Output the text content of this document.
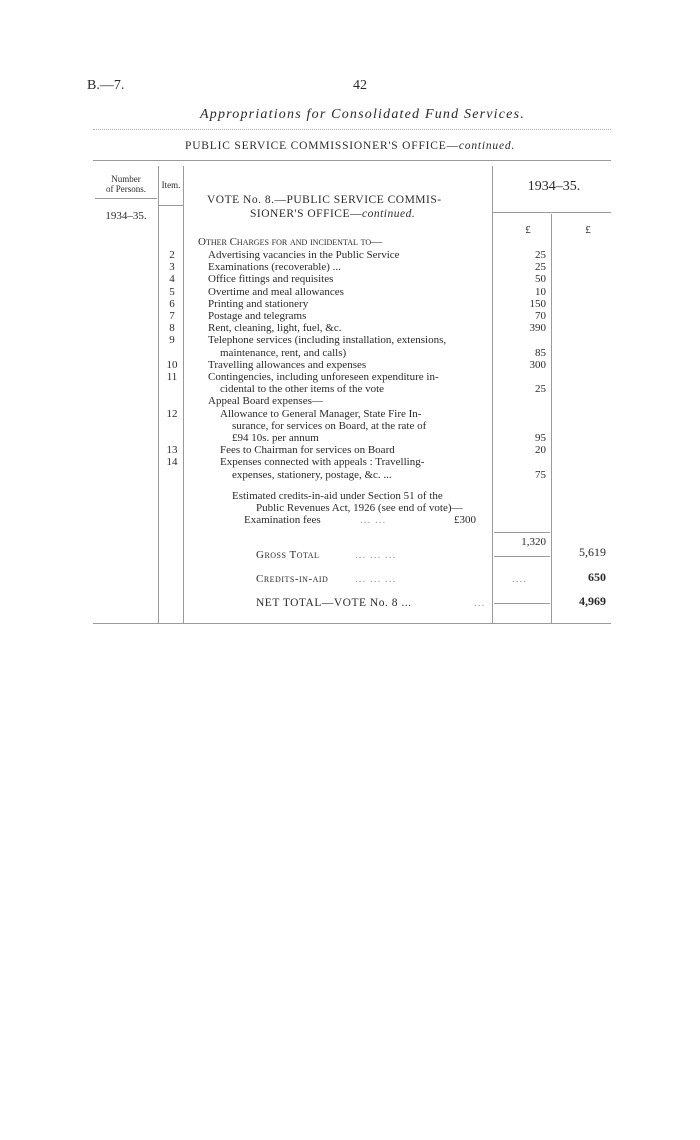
B.—7.	42
Appropriations for Consolidated Fund Services.
PUBLIC SERVICE COMMISSIONER'S OFFICE—continued.
Number
of Persons.	Item.	1934–35.
1934–35.
VOTE No. 8.—PUBLIC SERVICE COMMIS-
SIONER'S OFFICE—continued.
£	£
Other Charges for and incidental to—
2	Advertising vacancies in the Public Service	25
3	Examinations (recoverable) ...	25
4	Office fittings and requisites	50
5	Overtime and meal allowances	10
6	Printing and stationery	150
7	Postage and telegrams	70
8	Rent, cleaning, light, fuel, &c.	390
9	Telephone services (including installation, extensions,
maintenance, rent, and calls)	85
10	Travelling allowances and expenses	300
11	Contingencies, including unforeseen expenditure in-
cidental to the other items of the vote	25
Appeal Board expenses—
12	Allowance to General Manager, State Fire In-
surance, for services on Board, at the rate of
£94 10s. per annum	95
13	Fees to Chairman for services on Board	20
14	Expenses connected with appeals : Travelling-
expenses, stationery, postage, &c. ...	75
Estimated credits-in-aid under Section 51 of the
Public Revenues Act, 1926 (see end of vote)—
Examination fees	... ...	£300
1,320
Gross Total	... ... ...	5,619
Credits-in-aid ... ... ...	....	650
NET TOTAL—VOTE No. 8 ...	...	4,969
